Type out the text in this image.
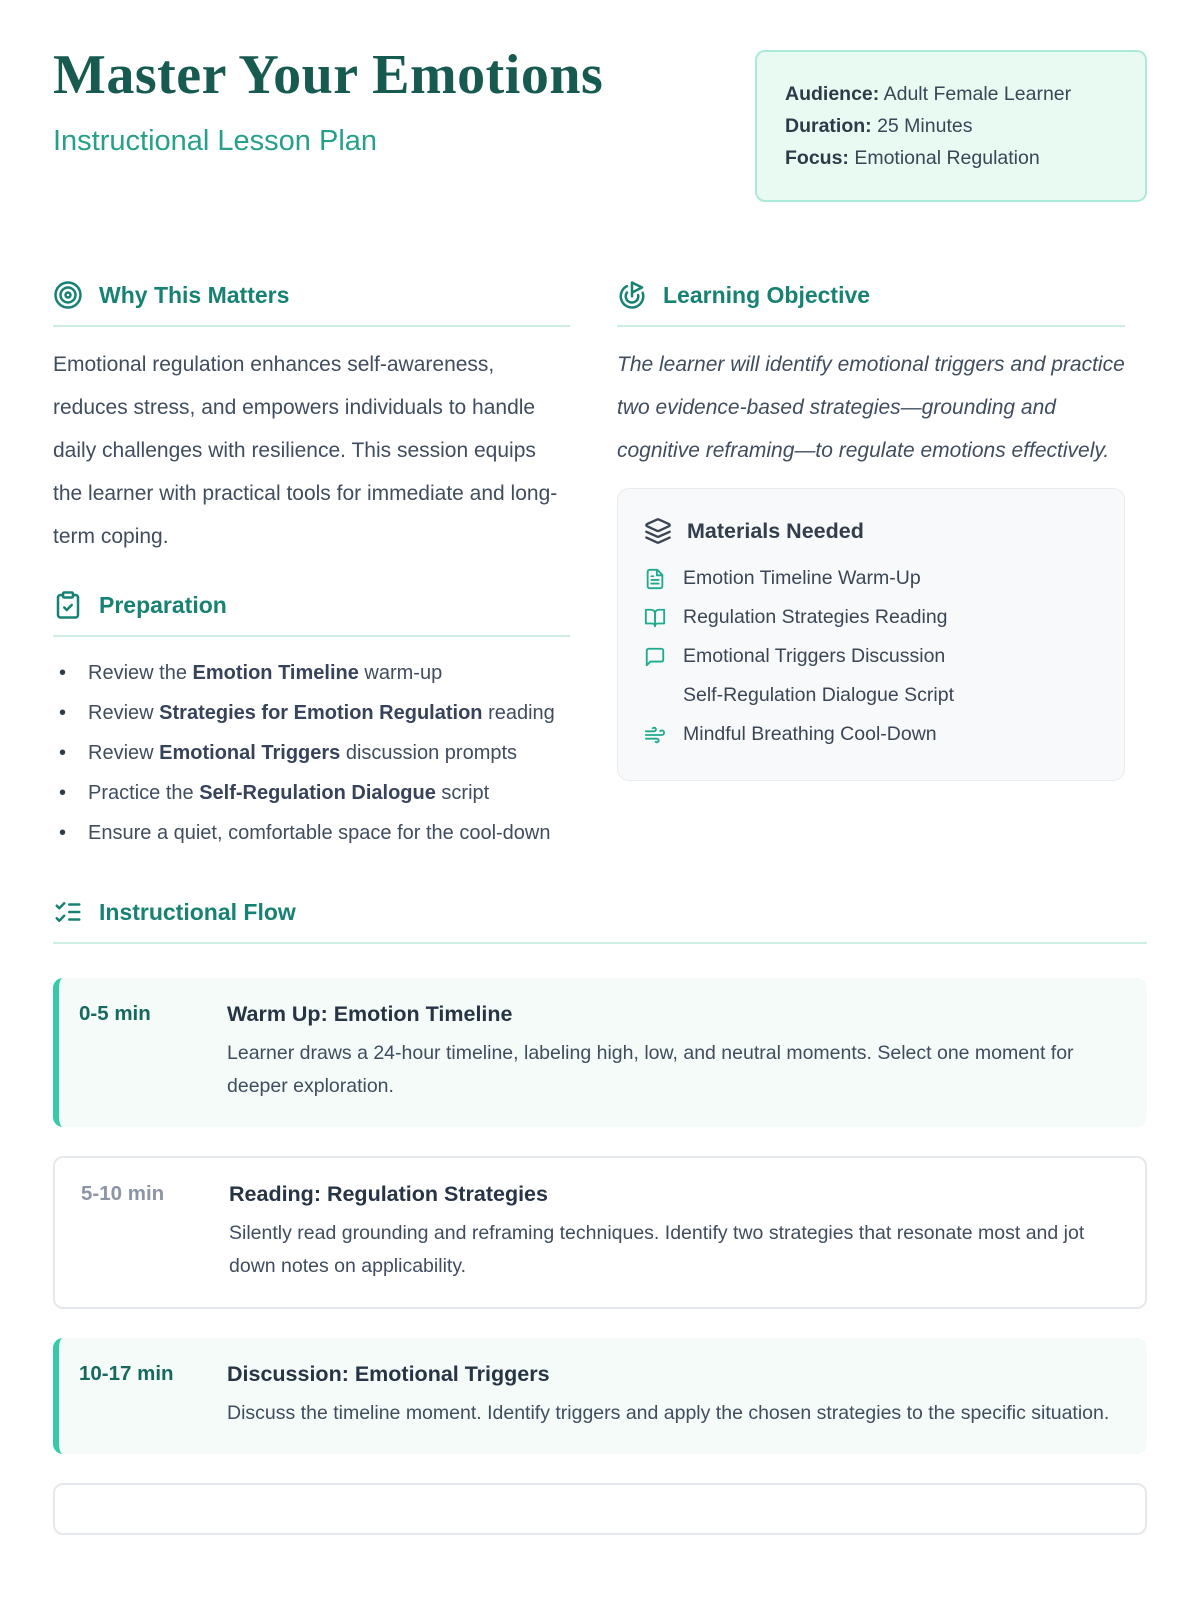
Master Your Emotions
Instructional Lesson Plan
Audience: Adult Female Learner
Duration: 25 Minutes
Focus: Emotional Regulation
Why This Matters

Emotional regulation enhances self-awareness, reduces stress, and empowers individuals to handle daily challenges with resilience. This session equips the learner with practical tools for immediate and long-term coping.

Preparation
• Review the Emotion Timeline warm-up
• Review Strategies for Emotion Regulation reading
• Review Emotional Triggers discussion prompts
• Practice the Self-Regulation Dialogue script
• Ensure a quiet, comfortable space for the cool-down
Learning Objective

The learner will identify emotional triggers and practice two evidence-based strategies—grounding and cognitive reframing—to regulate emotions effectively.

Materials Needed
Emotion Timeline Warm-Up
Regulation Strategies Reading
Emotional Triggers Discussion
Self-Regulation Dialogue Script
Mindful Breathing Cool-Down
Instructional Flow
0-5 min	Warm Up: Emotion Timeline
Learner draws a 24-hour timeline, labeling high, low, and neutral moments. Select one moment for deeper exploration.
5-10 min	Reading: Regulation Strategies
Silently read grounding and reframing techniques. Identify two strategies that resonate most and jot down notes on applicability.
10-17 min	Discussion: Emotional Triggers
Discuss the timeline moment. Identify triggers and apply the chosen strategies to the specific situation.
